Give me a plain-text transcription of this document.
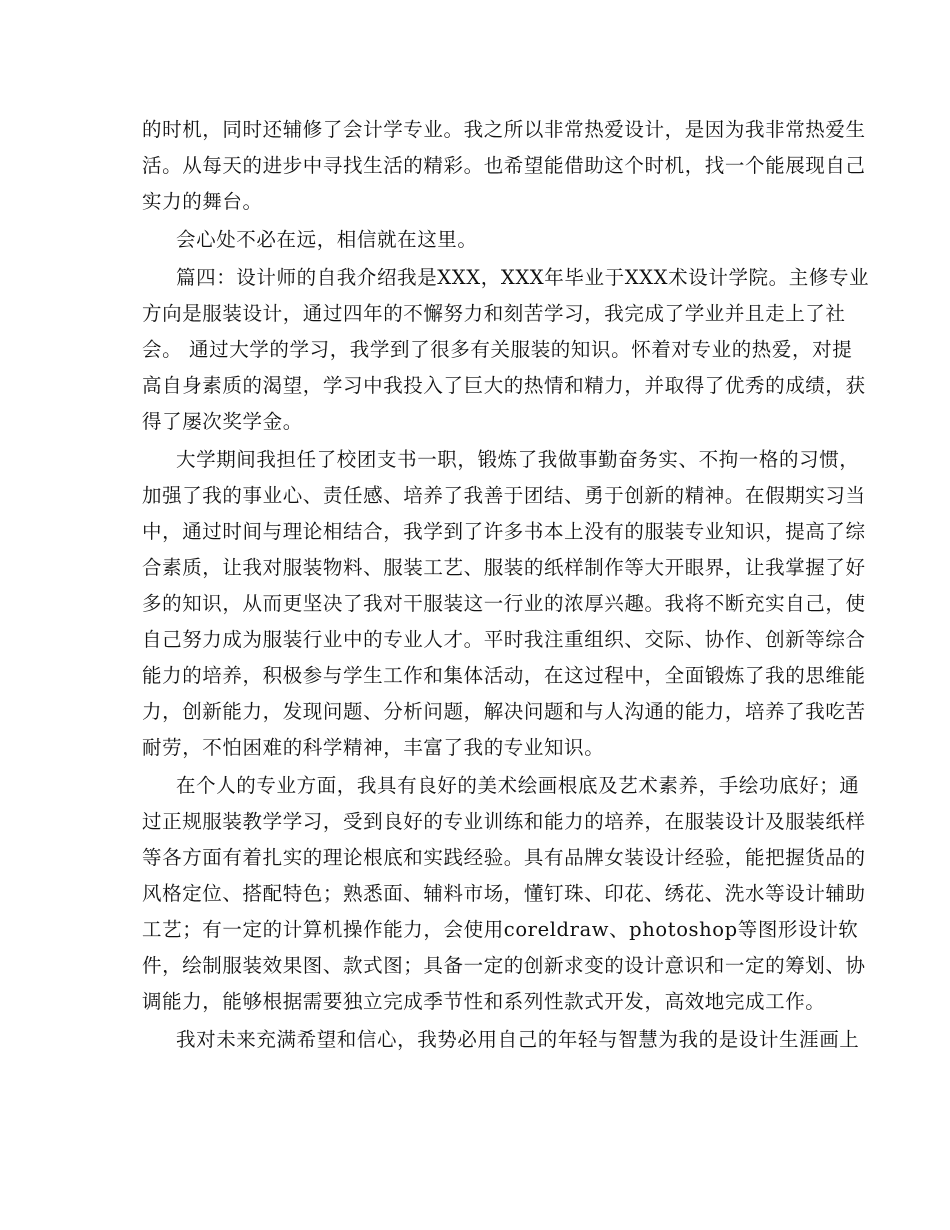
的时机，同时还辅修了会计学专业。我之所以非常热爱设计，是因为我非常热爱生
活。从每天的进步中寻找生活的精彩。也希望能借助这个时机，找一个能展现自己
实力的舞台。
会心处不必在远，相信就在这里。
篇四：设计师的自我介绍我是XXX，XXX年毕业于XXX术设计学院。主修专业
方向是服装设计，通过四年的不懈努力和刻苦学习，我完成了学业并且走上了社
会。 通过大学的学习，我学到了很多有关服装的知识。怀着对专业的热爱，对提
高自身素质的渴望，学习中我投入了巨大的热情和精力，并取得了优秀的成绩，获
得了屡次奖学金。
大学期间我担任了校团支书一职，锻炼了我做事勤奋务实、不拘一格的习惯，
加强了我的事业心、责任感、培养了我善于团结、勇于创新的精神。在假期实习当
中，通过时间与理论相结合，我学到了许多书本上没有的服装专业知识，提高了综
合素质，让我对服装物料、服装工艺、服装的纸样制作等大开眼界，让我掌握了好
多的知识，从而更坚决了我对干服装这一行业的浓厚兴趣。我将不断充实自己，使
自己努力成为服装行业中的专业人才。平时我注重组织、交际、协作、创新等综合
能力的培养，积极参与学生工作和集体活动，在这过程中，全面锻炼了我的思维能
力，创新能力，发现问题、分析问题，解决问题和与人沟通的能力，培养了我吃苦
耐劳，不怕困难的科学精神，丰富了我的专业知识。
在个人的专业方面，我具有良好的美术绘画根底及艺术素养，手绘功底好；通
过正规服装教学学习，受到良好的专业训练和能力的培养，在服装设计及服装纸样
等各方面有着扎实的理论根底和实践经验。具有品牌女装设计经验，能把握货品的
风格定位、搭配特色；熟悉面、辅料市场，懂钉珠、印花、绣花、洗水等设计辅助
工艺；有一定的计算机操作能力，会使用coreldraw、photoshop等图形设计软
件，绘制服装效果图、款式图；具备一定的创新求变的设计意识和一定的筹划、协
调能力，能够根据需要独立完成季节性和系列性款式开发，高效地完成工作。
我对未来充满希望和信心，我势必用自己的年轻与智慧为我的是设计生涯画上
